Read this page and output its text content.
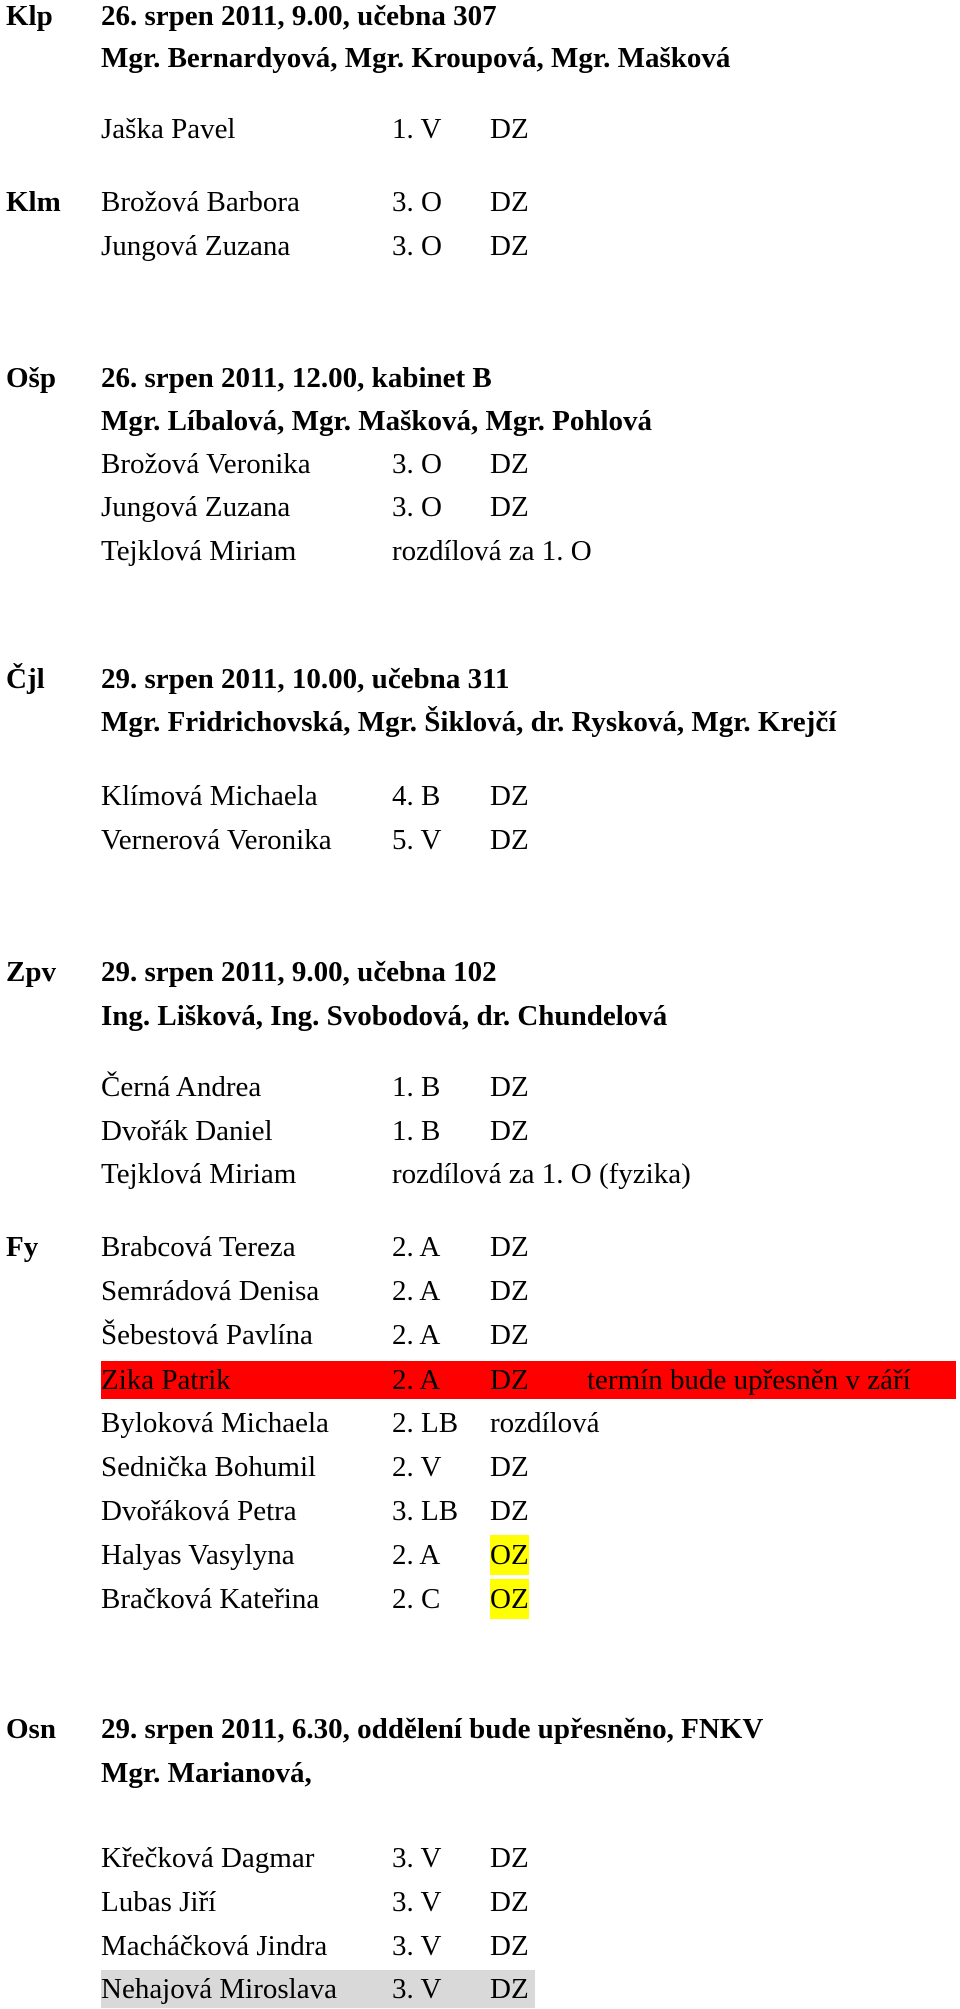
Klp 26. srpen 2011, 9.00, učebna 307
Mgr. Bernardyová, Mgr. Kroupová, Mgr. Mašková
Jaška Pavel	1. V DZ
Klm Brožová Barbora	3. O DZ
Jungová Zuzana	3. O DZ
Ošp 26. srpen 2011, 12.00, kabinet B
Mgr. Líbalová, Mgr. Mašková, Mgr. Pohlová
Brožová Veronika	3. O DZ
Jungová Zuzana	3. O DZ
Tejklová Miriam	rozdílová za 1. O
Čjl 29. srpen 2011, 10.00, učebna 311
Mgr. Fridrichovská, Mgr. Šiklová, dr. Rysková, Mgr. Krejčí
Klímová Michaela	4. B DZ
Vernerová Veronika 5. V DZ
Zpv 29. srpen 2011, 9.00, učebna 102
Ing. Lišková, Ing. Svobodová, dr. Chundelová
Černá Andrea	1. B DZ
Dvořák Daniel	1. B DZ
Tejklová Miriam	rozdílová za 1. O (fyzika)
Fy Brabcová Tereza	2. A DZ
Semrádová Denisa	2. A DZ
Šebestová Pavlína	2. A DZ
Zika Patrik	2. A DZ termín bude upřesněn v září
Byloková Michaela 2. LB rozdílová
Sednička Bohumil	2. V DZ
Dvořáková Petra	3. LB DZ
Halyas Vasylyna	2. A OZ
Bračková Kateřina	2. C OZ
Osn 29. srpen 2011, 6.30, oddělení bude upřesněno, FNKV
Mgr. Marianová,
Křečková Dagmar	3. V DZ
Lubas Jiří	3. V DZ
Macháčková Jindra 3. V DZ
Nehajová Miroslava 3. V DZ
